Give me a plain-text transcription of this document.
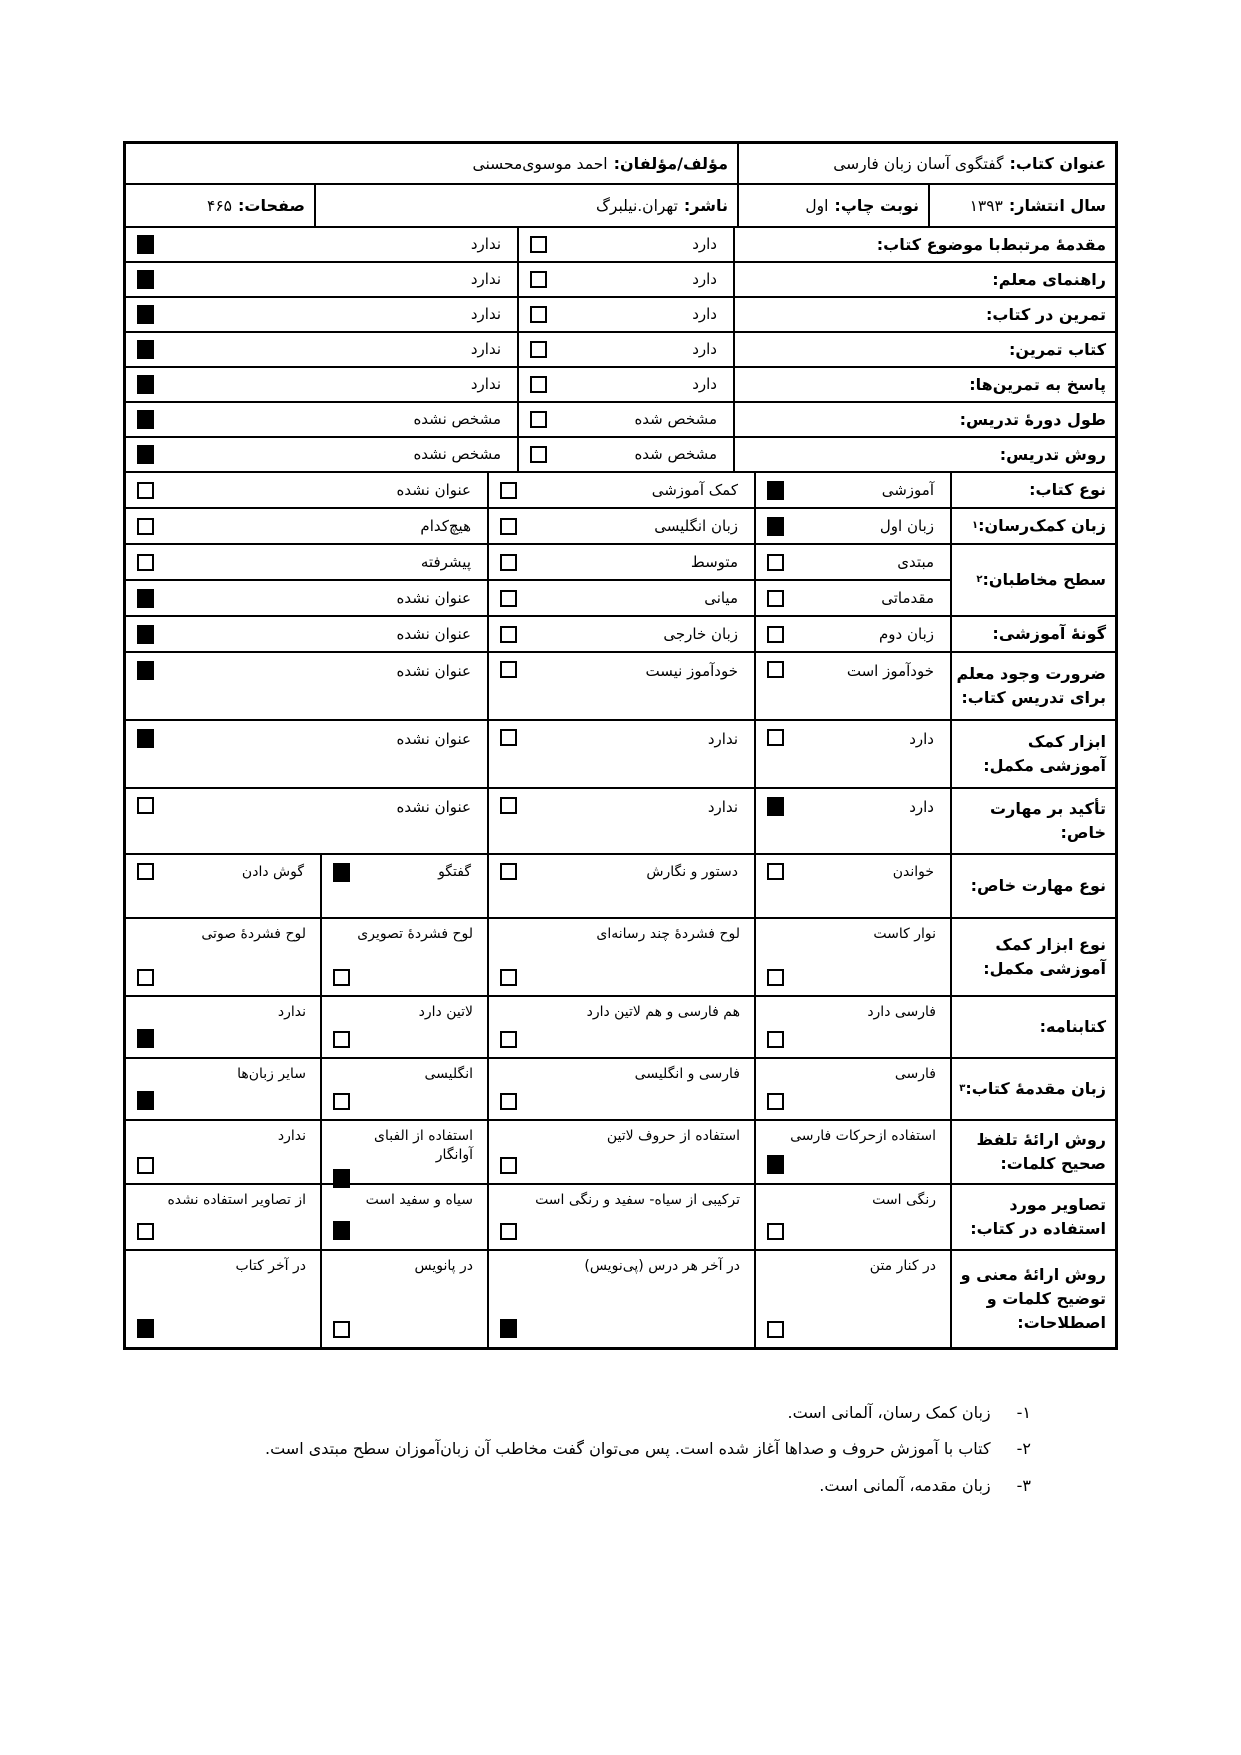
عنوان کتاب:
گفتگوی آسان زبان فارسی
مؤلف/مؤلفان:
احمد موسوی‌محسنی
سال انتشار:
۱۳۹۳
نوبت چاپ:
اول
ناشر:
تهران.نیلبرگ
صفحات:
۴۶۵
مقدمهٔ مرتبط‌با موضوع کتاب:
دارد
ندارد
راهنمای معلم:
دارد
ندارد
تمرین در کتاب:
دارد
ندارد
کتاب تمرین:
دارد
ندارد
پاسخ به تمرین‌ها:
دارد
ندارد
طول دورهٔ تدریس:
مشخص شده
مشخص نشده
روش تدریس:
مشخص شده
مشخص نشده
نوع کتاب:
آموزشی
کمک آموزشی
عنوان نشده
زبان کمک‌رسان:
۱
زبان اول
زبان انگلیسی
هیچ‌کدام
سطح مخاطبان:
۲
مبتدی
متوسط
پیشرفته
مقدماتی
میانی
عنوان نشده
گونهٔ آموزشی:
زبان دوم
زبان خارجی
عنوان نشده
ضرورت وجود معلم برای تدریس کتاب:
خودآموز است
خودآموز نیست
عنوان نشده
ابزار کمک آموزشی مکمل:
دارد
ندارد
عنوان نشده
تأکید بر مهارت خاص:
دارد
ندارد
عنوان نشده
نوع مهارت خاص:
خواندن
دستور و نگارش
گفتگو
گوش دادن
نوع ابزار کمک آموزشی مکمل:
نوار کاست
لوح فشردهٔ چند رسانه‌ای
لوح فشردهٔ تصویری
لوح فشردهٔ صوتی
کتابنامه:
فارسی دارد
هم فارسی و هم لاتین دارد
لاتین دارد
ندارد
زبان مقدمهٔ کتاب:
۳
فارسی
فارسی و انگلیسی
انگلیسی
سایر زبان‌ها
روش ارائهٔ تلفظ صحیح کلمات:
استفاده ازحرکات فارسی
استفاده از حروف لاتین
استفاده از الفبای آوانگار
ندارد
تصاویر مورد استفاده در کتاب:
رنگی است
ترکیبی از سیاه- سفید و رنگی است
سیاه و سفید است
از تصاویر استفاده نشده
روش ارائهٔ معنی و توضیح کلمات و اصطلاحات:
در کنار متن
در آخر هر درس (پی‌نویس)
در پانویس
در آخر کتاب
۱-
زبان کمک رسان، آلمانی است.
۲-
کتاب با آموزش حروف و صداها آغاز شده است. پس می‌توان گفت مخاطب آن زبان‌آموزان سطح مبتدی است.
۳-
زبان مقدمه، آلمانی است.
